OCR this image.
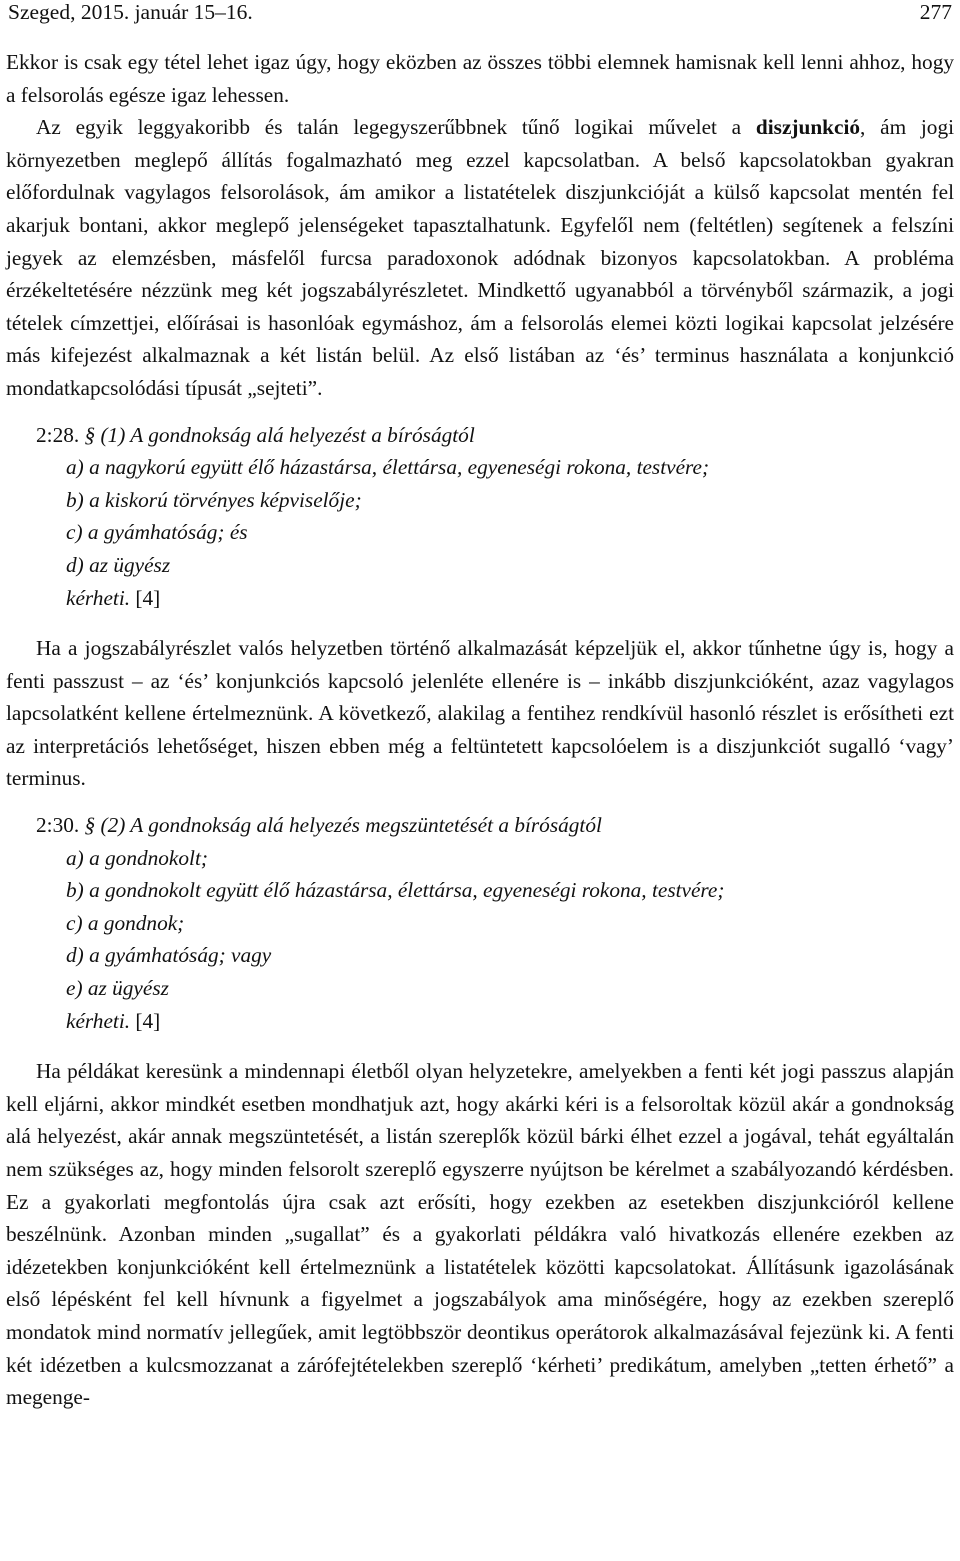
Szeged, 2015. január 15–16.	277

Ekkor is csak egy tétel lehet igaz úgy, hogy eközben az összes többi elemnek hamisnak kell lenni ahhoz, hogy a felsorolás egésze igaz lehessen.

Az egyik leggyakoribb és talán legegyszerűbbnek tűnő logikai művelet a diszjunkció, ám jogi környezetben meglepő állítás fogalmazható meg ezzel kapcsolatban. A belső kapcsolatokban gyakran előfordulnak vagylagos felsorolások, ám amikor a listatételek diszjunkcióját a külső kapcsolat mentén fel akarjuk bontani, akkor meglepő jelenségeket tapasztalhatunk. Egyfelől nem (feltétlen) segítenek a felszíni jegyek az elemzésben, másfelől furcsa paradoxonok adódnak bizonyos kapcsolatokban. A probléma érzékeltetésére nézzünk meg két jogszabályrészletet. Mindkettő ugyanabból a törvényből származik, a jogi tételek címzettjei, előírásai is hasonlóak egymáshoz, ám a felsorolás elemei közti logikai kapcsolat jelzésére más kifejezést alkalmaznak a két listán belül. Az első listában az ‘és’ terminus használata a konjunkció mondatkapcsolódási típusát „sejteti”.

2:28. § (1) A gondnokság alá helyezést a bíróságtól
a) a nagykorú együtt élő házastársa, élettársa, egyeneségi rokona, testvére;
b) a kiskorú törvényes képviselője;
c) a gyámhatóság; és
d) az ügyész
kérheti. [4]

Ha a jogszabályrészlet valós helyzetben történő alkalmazását képzeljük el, akkor tűnhetne úgy is, hogy a fenti passzust – az ‘és’ konjunkciós kapcsoló jelenléte ellenére is – inkább diszjunkcióként, azaz vagylagos lapcsolatként kellene értelmeznünk. A következő, alakilag a fentihez rendkívül hasonló részlet is erősítheti ezt az interpretációs lehetőséget, hiszen ebben még a feltüntetett kapcsolóelem is a diszjunkciót sugalló ‘vagy’ terminus.

2:30. § (2) A gondnokság alá helyezés megszüntetését a bíróságtól
a) a gondnokolt;
b) a gondnokolt együtt élő házastársa, élettársa, egyeneségi rokona, testvére;
c) a gondnok;
d) a gyámhatóság; vagy
e) az ügyész
kérheti. [4]

Ha példákat keresünk a mindennapi életből olyan helyzetekre, amelyekben a fenti két jogi passzus alapján kell eljárni, akkor mindkét esetben mondhatjuk azt, hogy akárki kéri is a felsoroltak közül akár a gondnokság alá helyezést, akár annak megszüntetését, a listán szereplők közül bárki élhet ezzel a jogával, tehát egyáltalán nem szükséges az, hogy minden felsorolt szereplő egyszerre nyújtson be kérelmet a szabályozandó kérdésben. Ez a gyakorlati megfontolás újra csak azt erősíti, hogy ezekben az esetekben diszjunkcióról kellene beszélnünk. Azonban minden „sugallat” és a gyakorlati példákra való hivatkozás ellenére ezekben az idézetekben konjunkcióként kell értelmeznünk a listatételek közötti kapcsolatokat. Állításunk igazolásának első lépésként fel kell hívnunk a figyelmet a jogszabályok ama minőségére, hogy az ezekben szereplő mondatok mind normatív jellegűek, amit legtöbbször deontikus operátorok alkalmazásával fejezünk ki. A fenti két idézetben a kulcsmozzanat a zárófejtételekben szereplő ‘kérheti’ predikátum, amelyben „tetten érhető” a megenge-
